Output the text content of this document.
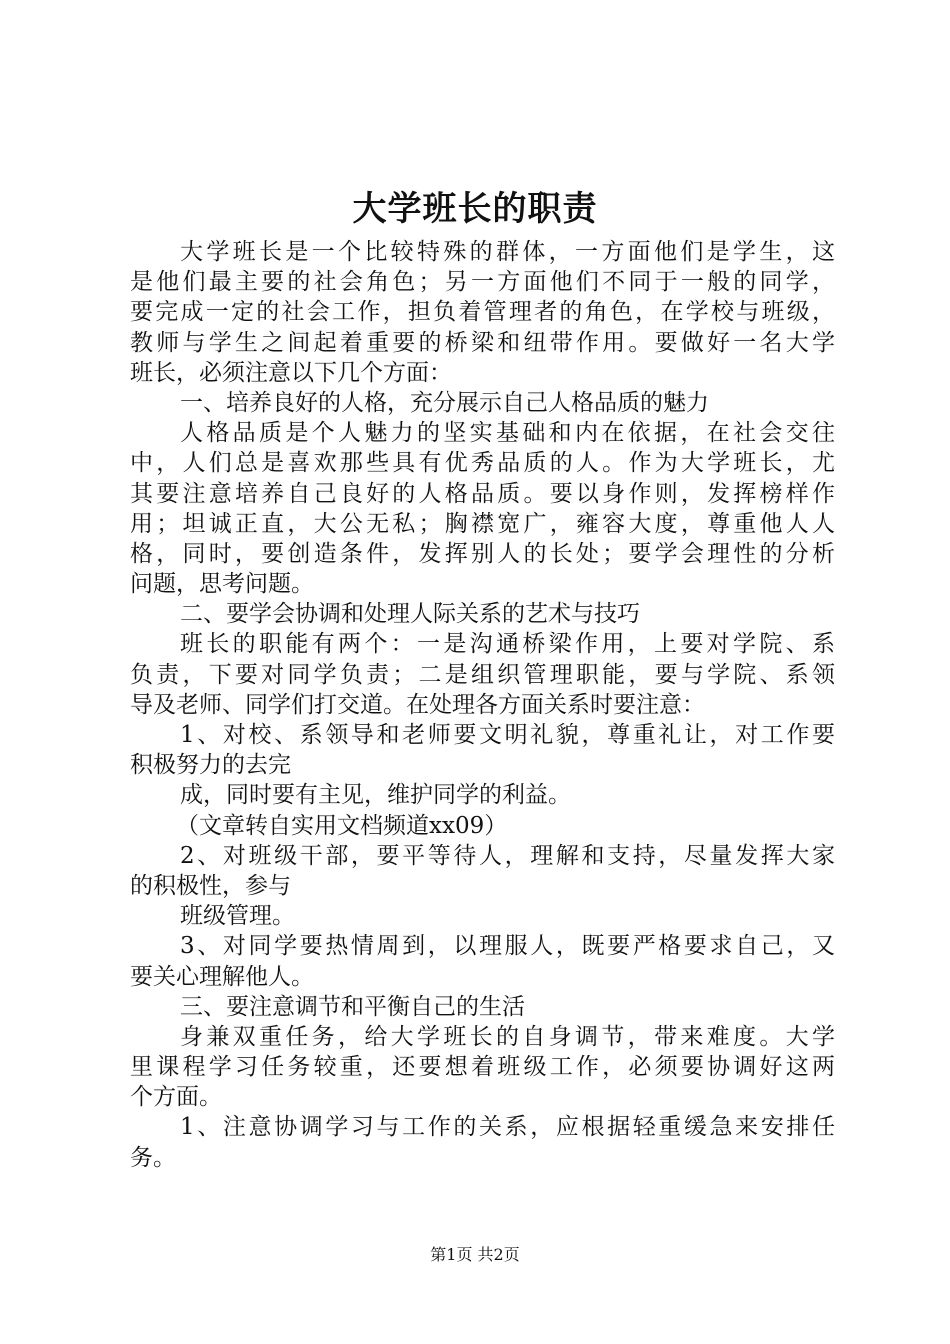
大学班长的职责
大学班长是一个比较特殊的群体，一方面他们是学生，这
是他们最主要的社会角色；另一方面他们不同于一般的同学，
要完成一定的社会工作，担负着管理者的角色，在学校与班级，
教师与学生之间起着重要的桥梁和纽带作用。要做好一名大学
班长，必须注意以下几个方面：
一、培养良好的人格，充分展示自己人格品质的魅力
人格品质是个人魅力的坚实基础和内在依据，在社会交往
中，人们总是喜欢那些具有优秀品质的人。作为大学班长，尤
其要注意培养自己良好的人格品质。要以身作则，发挥榜样作
用；坦诚正直，大公无私；胸襟宽广，雍容大度，尊重他人人
格，同时，要创造条件，发挥别人的长处；要学会理性的分析
问题，思考问题。
二、要学会协调和处理人际关系的艺术与技巧
班长的职能有两个：一是沟通桥梁作用，上要对学院、系
负责，下要对同学负责；二是组织管理职能，要与学院、系领
导及老师、同学们打交道。在处理各方面关系时要注意：
1、对校、系领导和老师要文明礼貌，尊重礼让，对工作要
积极努力的去完
成，同时要有主见，维护同学的利益。
（文章转自实用文档频道xx09）
2、对班级干部，要平等待人，理解和支持，尽量发挥大家
的积极性，参与
班级管理。
3、对同学要热情周到，以理服人，既要严格要求自己，又
要关心理解他人。
三、要注意调节和平衡自己的生活
身兼双重任务，给大学班长的自身调节，带来难度。大学
里课程学习任务较重，还要想着班级工作，必须要协调好这两
个方面。
1、注意协调学习与工作的关系，应根据轻重缓急来安排任
务。
第1页 共2页
